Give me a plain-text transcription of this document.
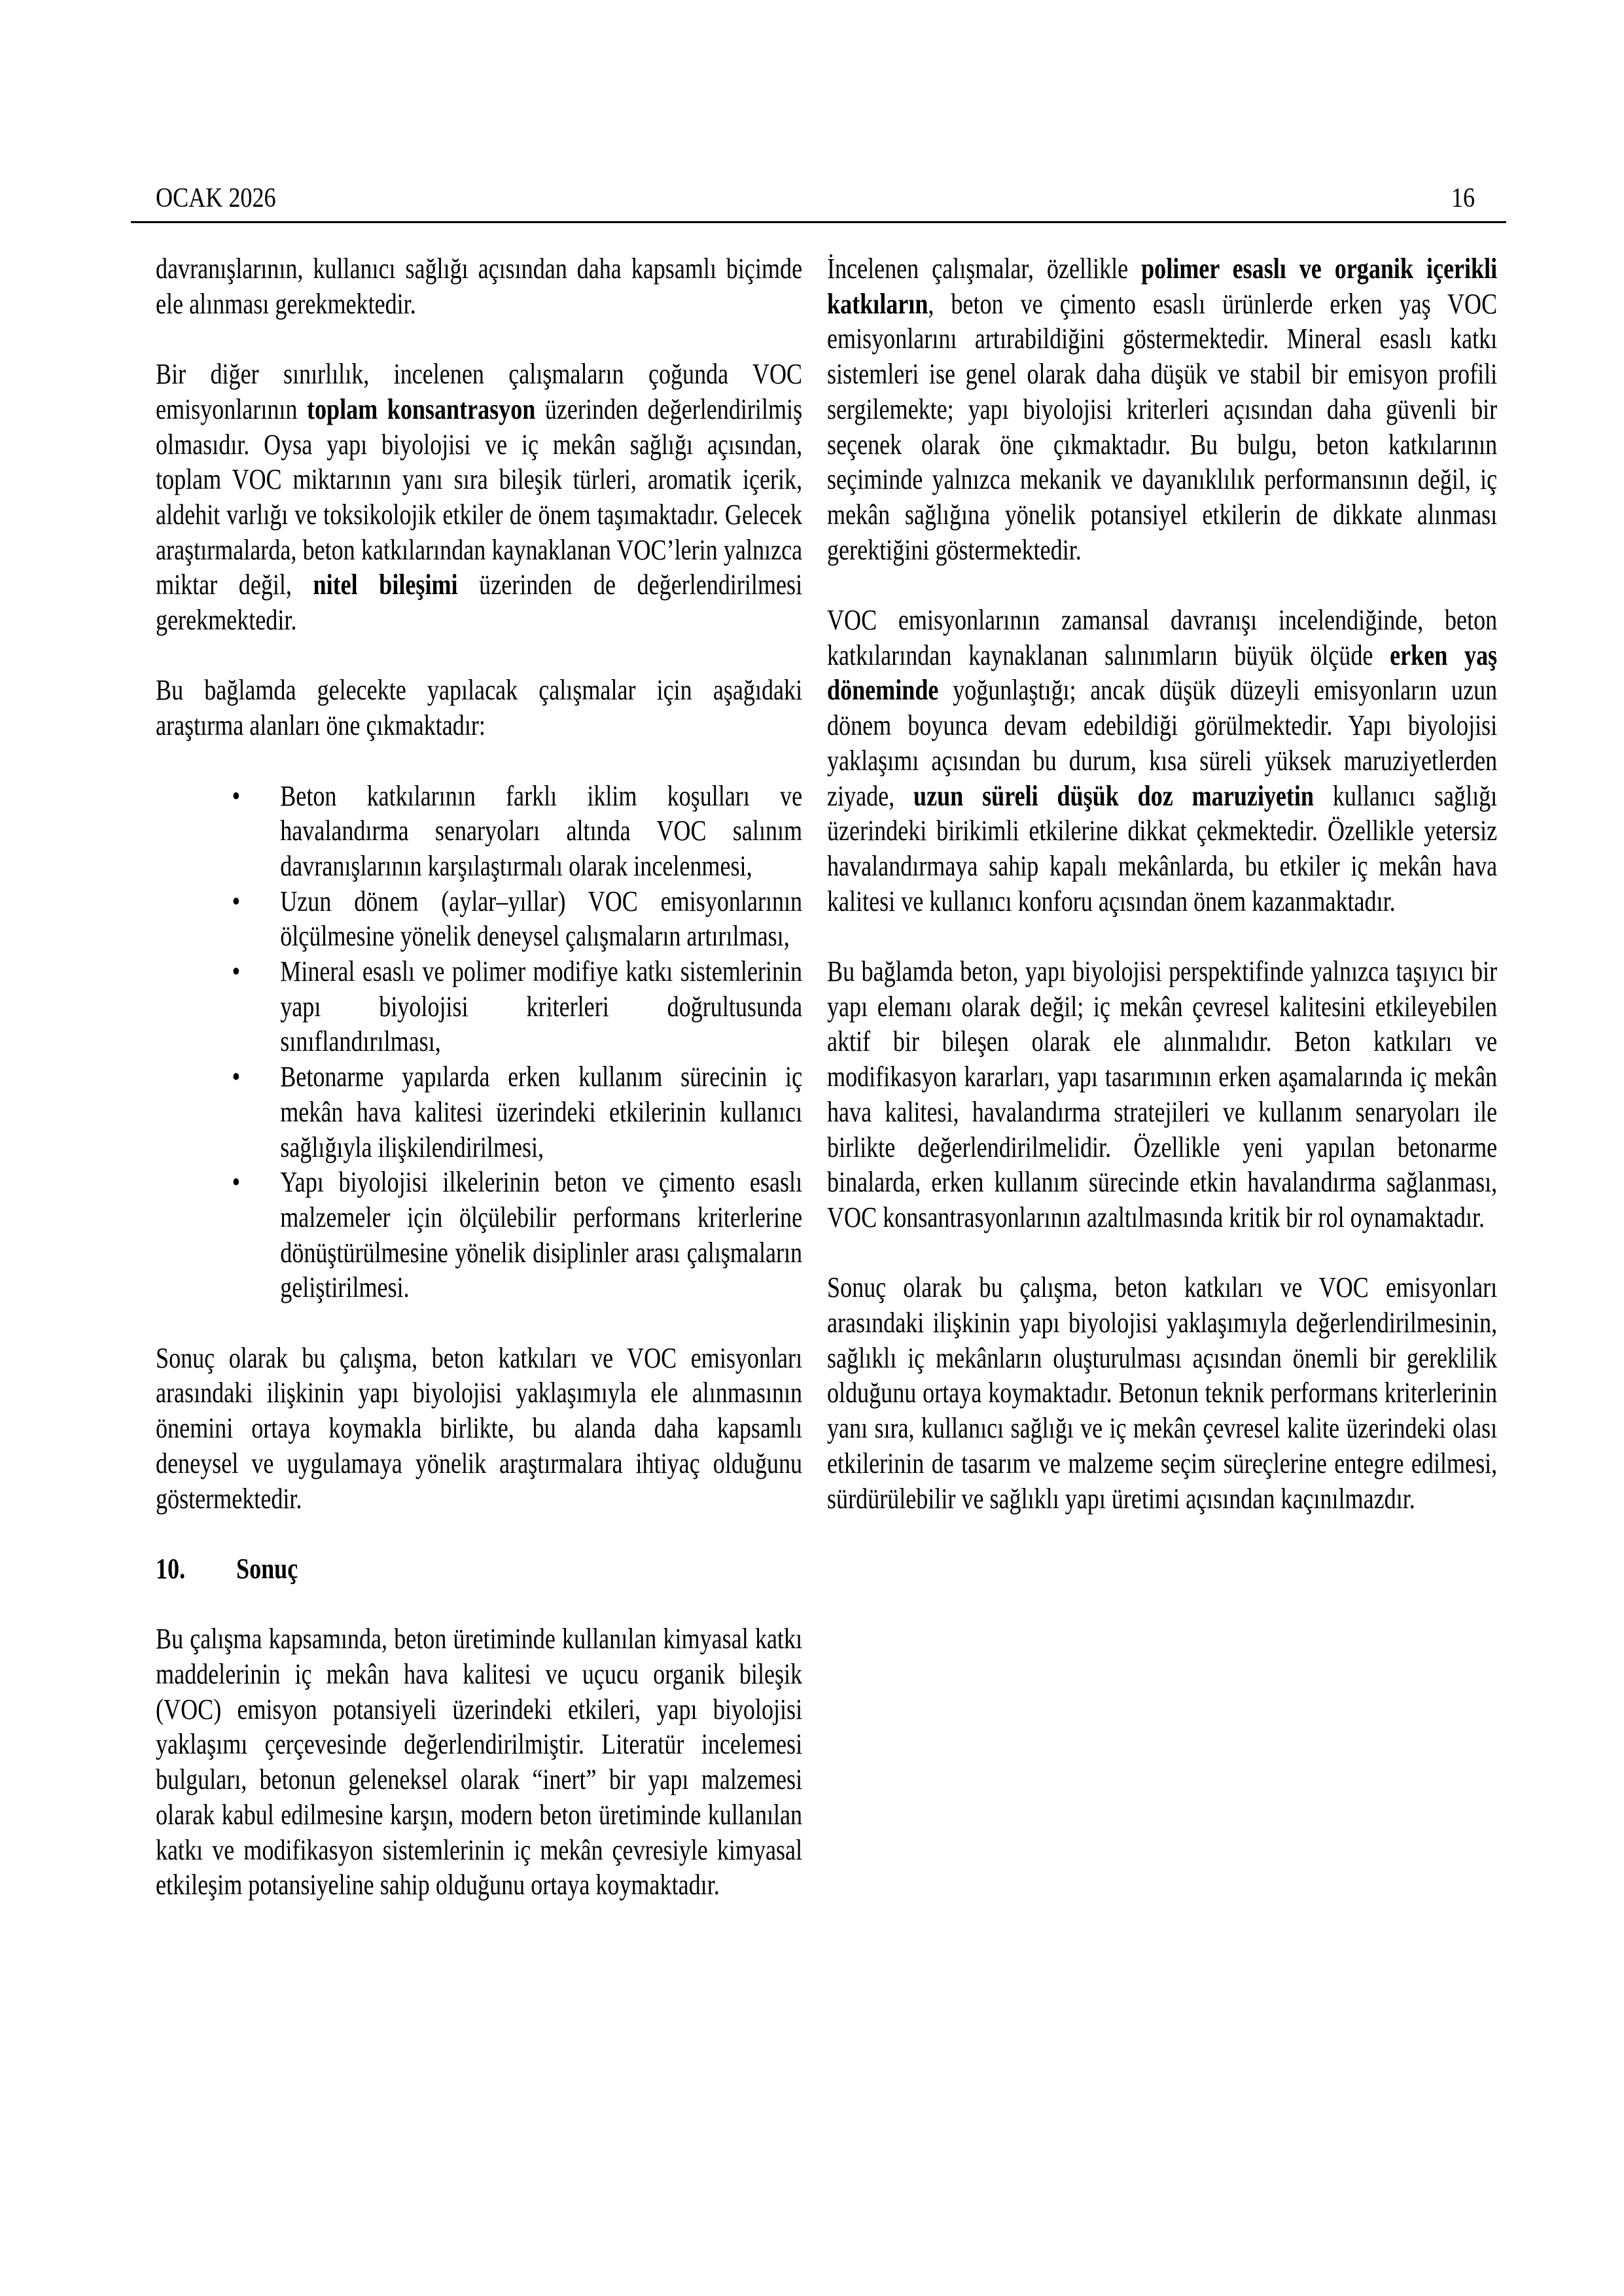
OCAK 2026	16

davranışlarının, kullanıcı sağlığı açısından daha kapsamlı biçimde ele alınması gerekmektedir.

Bir diğer sınırlılık, incelenen çalışmaların çoğunda VOC emisyonlarının toplam konsantrasyon üzerinden değerlendirilmiş olmasıdır. Oysa yapı biyolojisi ve iç mekân sağlığı açısından, toplam VOC miktarının yanı sıra bileşik türleri, aromatik içerik, aldehit varlığı ve toksikolojik etkiler de önem taşımaktadır. Gelecek araştırmalarda, beton katkılarından kaynaklanan VOC’lerin yalnızca miktar değil, nitel bileşimi üzerinden de değerlendirilmesi gerekmektedir.

Bu bağlamda gelecekte yapılacak çalışmalar için aşağıdaki araştırma alanları öne çıkmaktadır:

• Beton katkılarının farklı iklim koşulları ve havalandırma senaryoları altında VOC salınım davranışlarının karşılaştırmalı olarak incelenmesi,
• Uzun dönem (aylar–yıllar) VOC emisyonlarının ölçülmesine yönelik deneysel çalışmaların artırılması,
• Mineral esaslı ve polimer modifiye katkı sistemlerinin yapı biyolojisi kriterleri doğrultusunda sınıflandırılması,
• Betonarme yapılarda erken kullanım sürecinin iç mekân hava kalitesi üzerindeki etkilerinin kullanıcı sağlığıyla ilişkilendirilmesi,
• Yapı biyolojisi ilkelerinin beton ve çimento esaslı malzemeler için ölçülebilir performans kriterlerine dönüştürülmesine yönelik disiplinler arası çalışmaların geliştirilmesi.

Sonuç olarak bu çalışma, beton katkıları ve VOC emisyonları arasındaki ilişkinin yapı biyolojisi yaklaşımıyla ele alınmasının önemini ortaya koymakla birlikte, bu alanda daha kapsamlı deneysel ve uygulamaya yönelik araştırmalara ihtiyaç olduğunu göstermektedir.

10. Sonuç

Bu çalışma kapsamında, beton üretiminde kullanılan kimyasal katkı maddelerinin iç mekân hava kalitesi ve uçucu organik bileşik (VOC) emisyon potansiyeli üzerindeki etkileri, yapı biyolojisi yaklaşımı çerçevesinde değerlendirilmiştir. Literatür incelemesi bulguları, betonun geleneksel olarak “inert” bir yapı malzemesi olarak kabul edilmesine karşın, modern beton üretiminde kullanılan katkı ve modifikasyon sistemlerinin iç mekân çevresiyle kimyasal etkileşim potansiyeline sahip olduğunu ortaya koymaktadır.

İncelenen çalışmalar, özellikle polimer esaslı ve organik içerikli katkıların, beton ve çimento esaslı ürünlerde erken yaş VOC emisyonlarını artırabildiğini göstermektedir. Mineral esaslı katkı sistemleri ise genel olarak daha düşük ve stabil bir emisyon profili sergilemekte; yapı biyolojisi kriterleri açısından daha güvenli bir seçenek olarak öne çıkmaktadır. Bu bulgu, beton katkılarının seçiminde yalnızca mekanik ve dayanıklılık performansının değil, iç mekân sağlığına yönelik potansiyel etkilerin de dikkate alınması gerektiğini göstermektedir.

VOC emisyonlarının zamansal davranışı incelendiğinde, beton katkılarından kaynaklanan salınımların büyük ölçüde erken yaş döneminde yoğunlaştığı; ancak düşük düzeyli emisyonların uzun dönem boyunca devam edebildiği görülmektedir. Yapı biyolojisi yaklaşımı açısından bu durum, kısa süreli yüksek maruziyetlerden ziyade, uzun süreli düşük doz maruziyetin kullanıcı sağlığı üzerindeki birikimli etkilerine dikkat çekmektedir. Özellikle yetersiz havalandırmaya sahip kapalı mekânlarda, bu etkiler iç mekân hava kalitesi ve kullanıcı konforu açısından önem kazanmaktadır.

Bu bağlamda beton, yapı biyolojisi perspektifinde yalnızca taşıyıcı bir yapı elemanı olarak değil; iç mekân çevresel kalitesini etkileyebilen aktif bir bileşen olarak ele alınmalıdır. Beton katkıları ve modifikasyon kararları, yapı tasarımının erken aşamalarında iç mekân hava kalitesi, havalandırma stratejileri ve kullanım senaryoları ile birlikte değerlendirilmelidir. Özellikle yeni yapılan betonarme binalarda, erken kullanım sürecinde etkin havalandırma sağlanması, VOC konsantrasyonlarının azaltılmasında kritik bir rol oynamaktadır.

Sonuç olarak bu çalışma, beton katkıları ve VOC emisyonları arasındaki ilişkinin yapı biyolojisi yaklaşımıyla değerlendirilmesinin, sağlıklı iç mekânların oluşturulması açısından önemli bir gereklilik olduğunu ortaya koymaktadır. Betonun teknik performans kriterlerinin yanı sıra, kullanıcı sağlığı ve iç mekân çevresel kalite üzerindeki olası etkilerinin de tasarım ve malzeme seçim süreçlerine entegre edilmesi, sürdürülebilir ve sağlıklı yapı üretimi açısından kaçınılmazdır.
